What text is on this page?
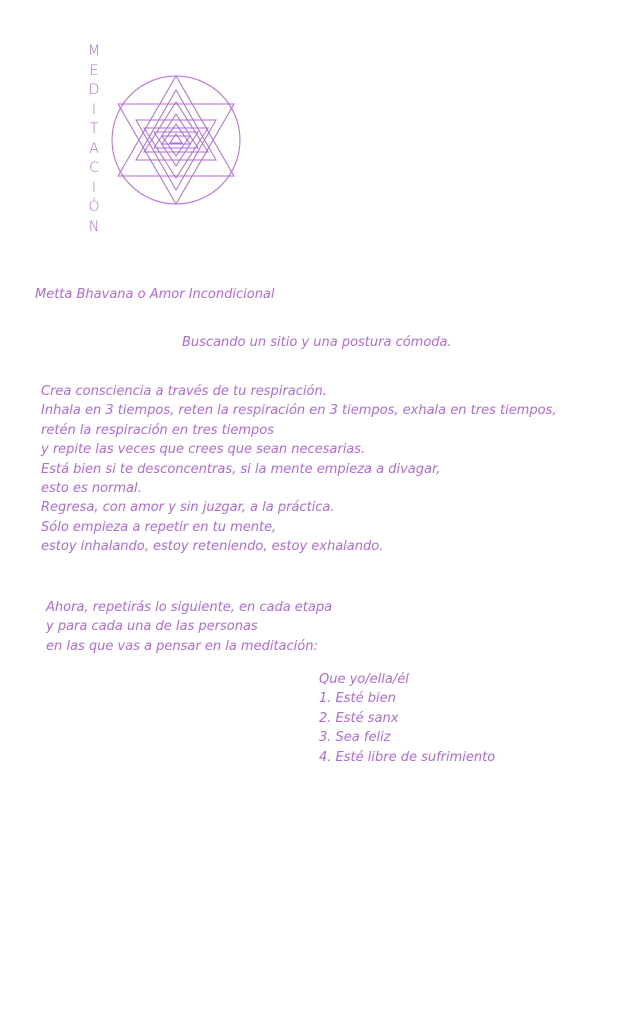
M
E
D
I
T
A
C
I
Ó
N
Metta Bhavana o Amor Incondicional
Buscando un sitio y una postura cómoda.
Crea consciencia a través de tu respiración.
Inhala en 3 tiempos, reten la respiración en 3 tiempos, exhala en tres tiempos,
retén la respiración en tres tiempos
y repite las veces que crees que sean necesarias.
Está bien si te desconcentras, si la mente empieza a divagar,
esto es normal.
Regresa, con amor y sin juzgar, a la práctica.
Sólo empieza a repetir en tu mente,
estoy inhalando, estoy reteniendo, estoy exhalando.
Ahora, repetirás lo siguiente, en cada etapa
y para cada una de las personas
en las que vas a pensar en la meditación:
Que yo/ella/él
1. Esté bien
2. Esté sanx
3. Sea feliz
4. Esté libre de sufrimiento
